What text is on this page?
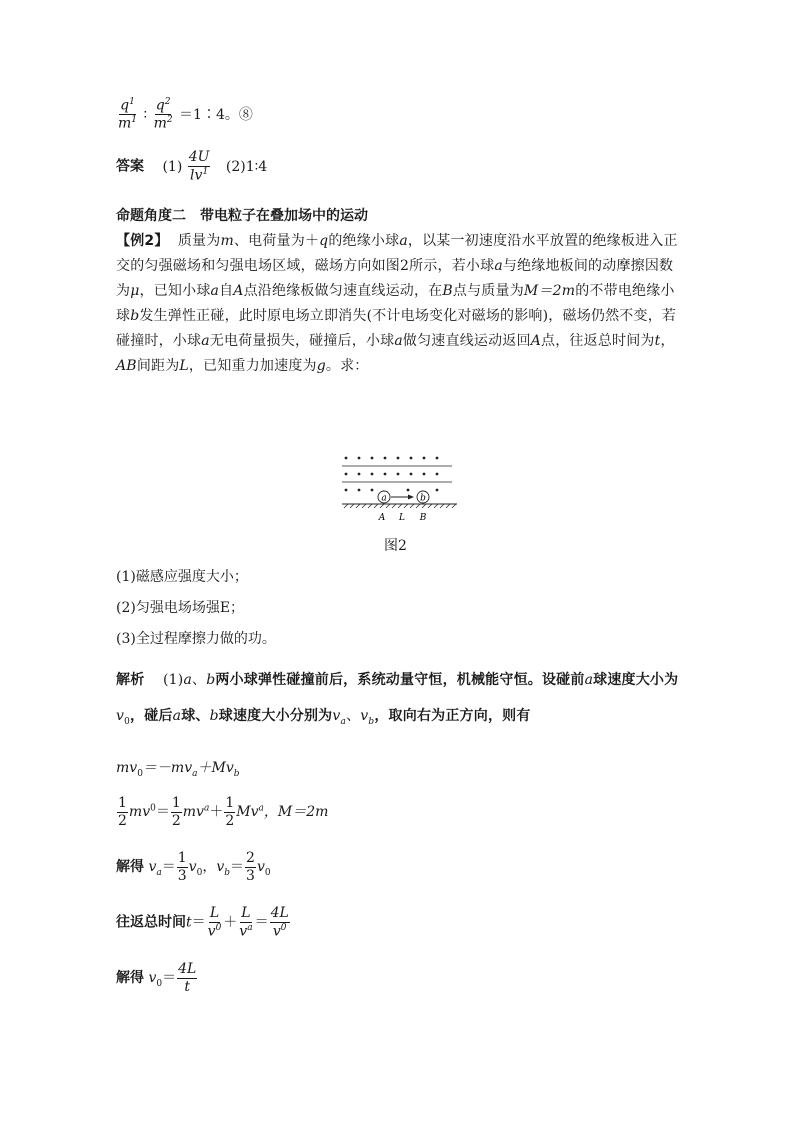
$\frac{q^1}{m^1}$ ∶ $\frac{q^2}{m^2}$ ＝1∶4。⑧
答案 $(1) \frac{4U}{lv^1}$ (2)1∶4
命题角度二　带电粒子在叠加场中的运动
【例2】 质量为m、电荷量为＋q的绝缘小球a，以某一初速度沿水平放置的绝缘板进入正交的匀强磁场和匀强电场区域，磁场方向如图2所示，若小球a与绝缘地板间的动摩擦因数为μ，已知小球a自A点沿绝缘板做匀速直线运动，在B点与质量为M＝2m的不带电绝缘小球b发生弹性正碰，此时原电场立即消失(不计电场变化对磁场的影响)，磁场仍然不变，若碰撞时，小球a无电荷量损失，碰撞后，小球a做匀速直线运动返回A点，往返总时间为t，AB间距为L，已知重力加速度为g。求：
a	b
A L B
图2
(1)磁感应强度大小；
(2)匀强电场场强E；
(3)全过程摩擦力做的功。
解析 (1)a、b两小球弹性碰撞前后，系统动量守恒，机械能守恒。设碰前a球速度大小为$v_0$，碰后a球、b球速度大小分别为$v_a$、$v_b$，取向右为正方向，则有
$mv_0=-mv_a+Mv_b$
$\frac{1}{2} mv^0= \frac{1}{2} mv^a+ \frac{1}{2} Mv^a$，M＝2m
解得 $v_a= \frac{1}{3} v_0$，$v_b= \frac{2}{3} v_0$
往返总时间$t= \frac{L}{v^0} + \frac{L}{v^a} = \frac{4L}{v^0}$
解得 $v_0= \frac{4L}{t}$
